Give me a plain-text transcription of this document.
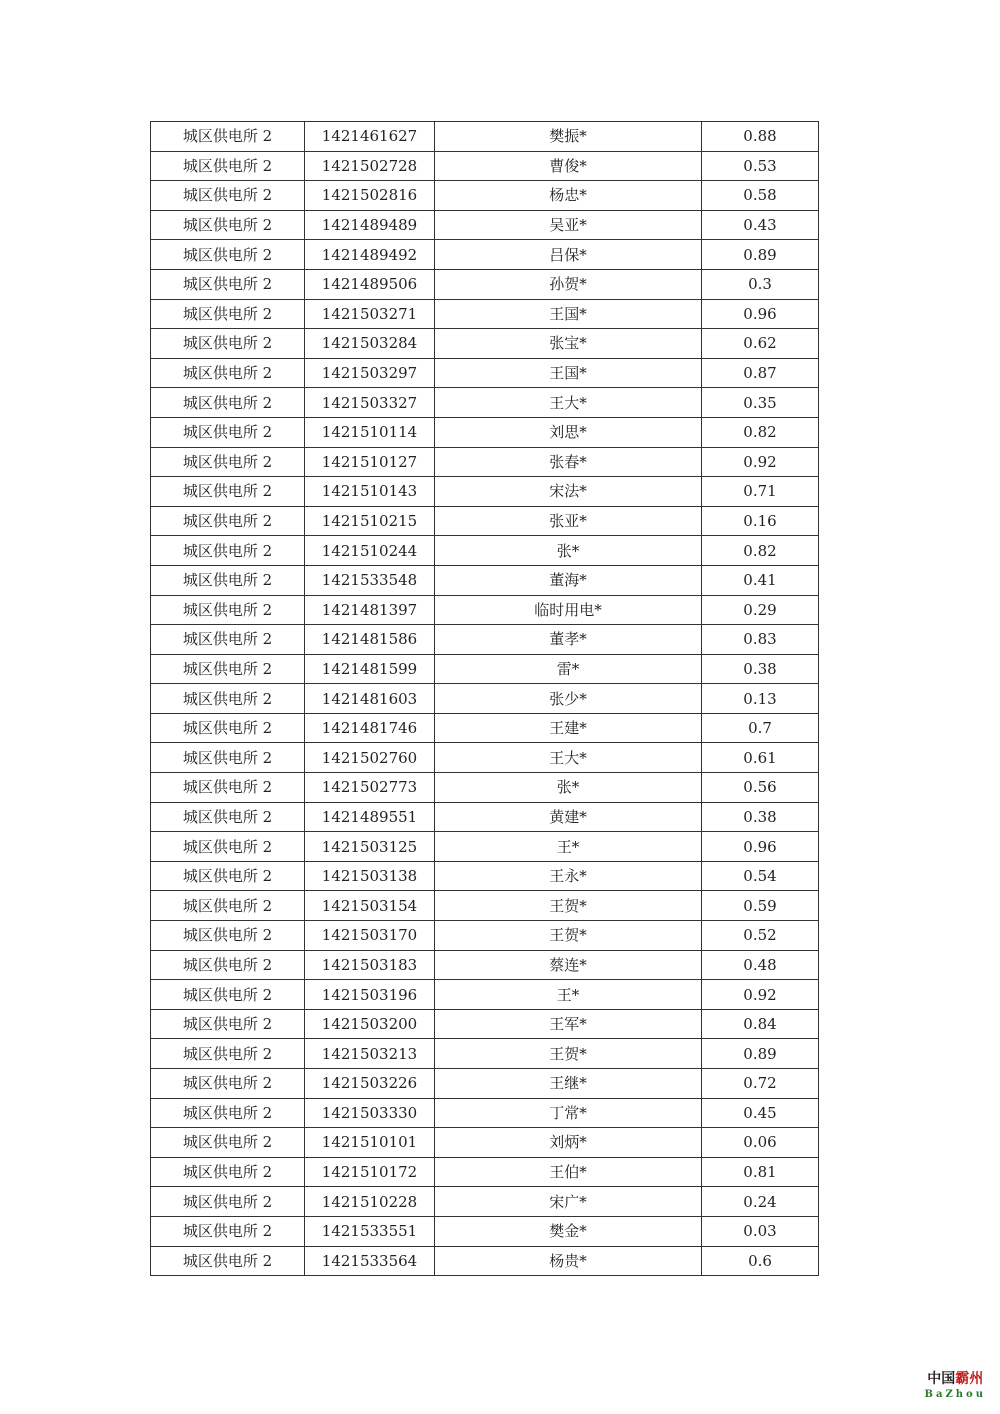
城区供电所 2	1421461627	樊振*	0.88
城区供电所 2	1421502728	曹俊*	0.53
城区供电所 2	1421502816	杨忠*	0.58
城区供电所 2	1421489489	吴亚*	0.43
城区供电所 2	1421489492	吕保*	0.89
城区供电所 2	1421489506	孙贺*	0.3
城区供电所 2	1421503271	王国*	0.96
城区供电所 2	1421503284	张宝*	0.62
城区供电所 2	1421503297	王国*	0.87
城区供电所 2	1421503327	王大*	0.35
城区供电所 2	1421510114	刘思*	0.82
城区供电所 2	1421510127	张春*	0.92
城区供电所 2	1421510143	宋法*	0.71
城区供电所 2	1421510215	张亚*	0.16
城区供电所 2	1421510244	张*	0.82
城区供电所 2	1421533548	董海*	0.41
城区供电所 2	1421481397	临时用电*	0.29
城区供电所 2	1421481586	董孝*	0.83
城区供电所 2	1421481599	雷*	0.38
城区供电所 2	1421481603	张少*	0.13
城区供电所 2	1421481746	王建*	0.7
城区供电所 2	1421502760	王大*	0.61
城区供电所 2	1421502773	张*	0.56
城区供电所 2	1421489551	黄建*	0.38
城区供电所 2	1421503125	王*	0.96
城区供电所 2	1421503138	王永*	0.54
城区供电所 2	1421503154	王贺*	0.59
城区供电所 2	1421503170	王贺*	0.52
城区供电所 2	1421503183	蔡连*	0.48
城区供电所 2	1421503196	王*	0.92
城区供电所 2	1421503200	王军*	0.84
城区供电所 2	1421503213	王贺*	0.89
城区供电所 2	1421503226	王继*	0.72
城区供电所 2	1421503330	丁常*	0.45
城区供电所 2	1421510101	刘炳*	0.06
城区供电所 2	1421510172	王伯*	0.81
城区供电所 2	1421510228	宋广*	0.24
城区供电所 2	1421533551	樊金*	0.03
城区供电所 2	1421533564	杨贵*	0.6
中国霸州
BaZhou
